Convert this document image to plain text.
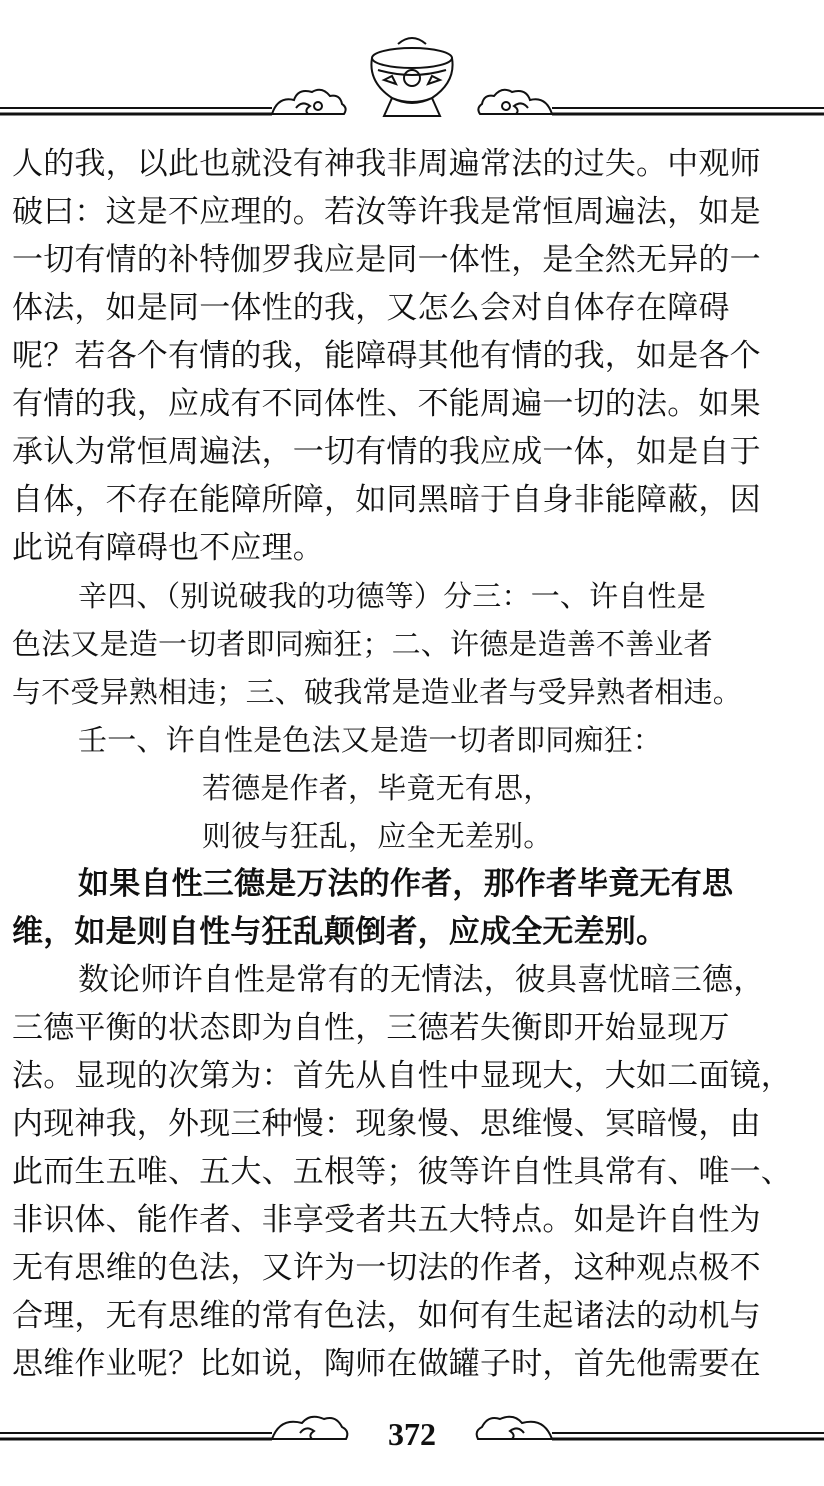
人的我，以此也就没有神我非周遍常法的过失。中观师
破曰：这是不应理的。若汝等许我是常恒周遍法，如是
一切有情的补特伽罗我应是同一体性，是全然无异的一
体法，如是同一体性的我，又怎么会对自体存在障碍
呢？若各个有情的我，能障碍其他有情的我，如是各个
有情的我，应成有不同体性、不能周遍一切的法。如果
承认为常恒周遍法，一切有情的我应成一体，如是自于
自体，不存在能障所障，如同黑暗于自身非能障蔽，因
此说有障碍也不应理。
辛四、（别说破我的功德等）分三：一、许自性是
色法又是造一切者即同痴狂；二、许德是造善不善业者
与不受异熟相违；三、破我常是造业者与受异熟者相违。
壬一、许自性是色法又是造一切者即同痴狂：
若德是作者，毕竟无有思，
则彼与狂乱，应全无差别。
如果自性三德是万法的作者，那作者毕竟无有思
维，如是则自性与狂乱颠倒者，应成全无差别。
数论师许自性是常有的无情法，彼具喜忧暗三德，
三德平衡的状态即为自性，三德若失衡即开始显现万
法。显现的次第为：首先从自性中显现大，大如二面镜，
内现神我，外现三种慢：现象慢、思维慢、冥暗慢，由
此而生五唯、五大、五根等；彼等许自性具常有、唯一、
非识体、能作者、非享受者共五大特点。如是许自性为
无有思维的色法，又许为一切法的作者，这种观点极不
合理，无有思维的常有色法，如何有生起诸法的动机与
思维作业呢？比如说，陶师在做罐子时，首先他需要在
372
